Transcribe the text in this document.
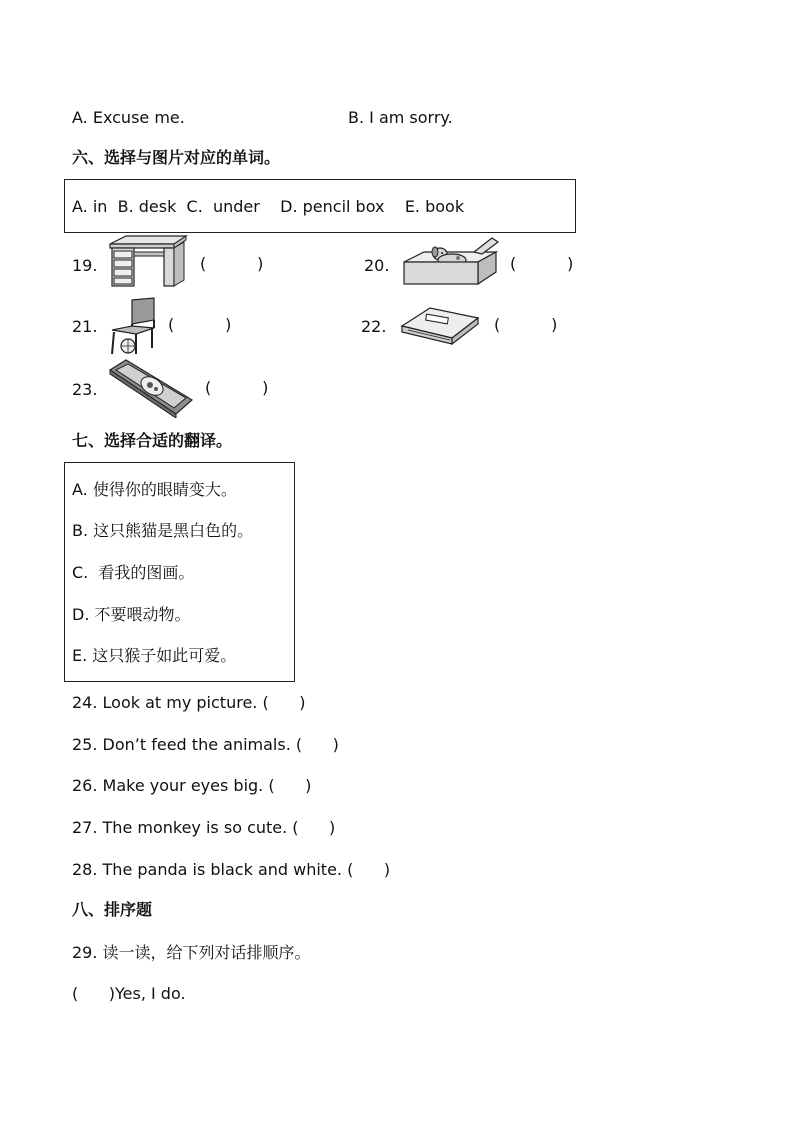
A. Excuse me.	B. I am sorry.
六、选择与图片对应的单词。
A. in  B. desk  C.  under    D. pencil box    E. book
19.	(          )	20.	(          )
21.	(          )	22.	(          )
23.	(          )
七、选择合适的翻译。
A. 使得你的眼睛变大。
B. 这只熊猫是黑白色的。
C.  看我的图画。
D. 不要喂动物。
E. 这只猴子如此可爱。
24. Look at my picture. (      )
25. Don’t feed the animals. (      )
26. Make your eyes big. (      )
27. The monkey is so cute. (      )
28. The panda is black and white. (      )
八、排序题
29. 读一读，给下列对话排顺序。
(      )Yes, I do.
